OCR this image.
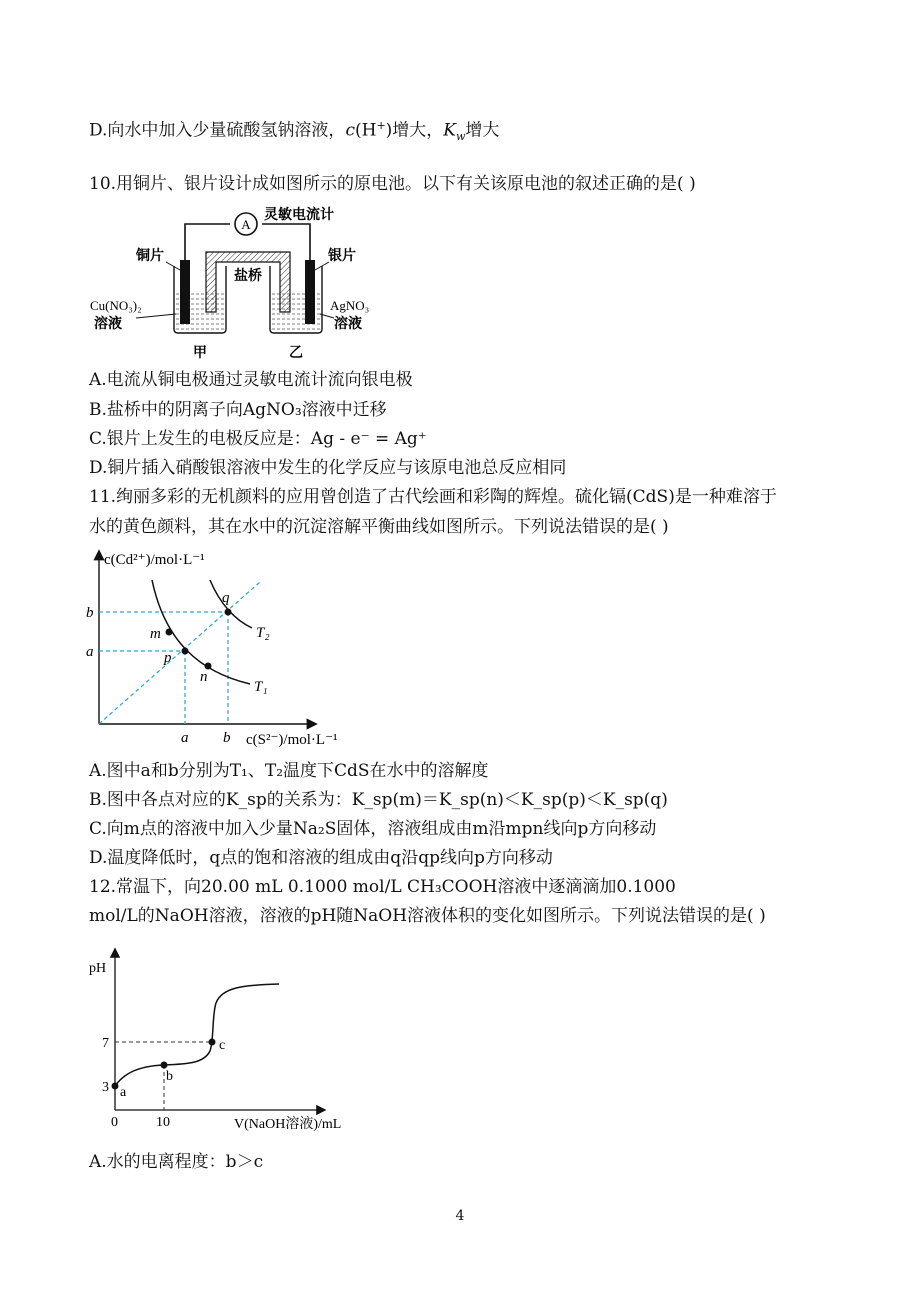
D.向水中加入少量硫酸氢钠溶液，c(H+)增大，$K_w$增大
10.用铜片、银片设计成如图所示的原电池。以下有关该原电池的叙述正确的是( )
A
灵敏电流计
盐桥
铜片	银片
Cu(NO₃)₂
溶液
AgNO₃
溶液
甲	乙
A.电流从铜电极通过灵敏电流计流向银电极
B.盐桥中的阴离子向AgNO₃溶液中迁移
C.银片上发生的电极反应是：Ag - e⁻ = Ag⁺
D.铜片插入硝酸银溶液中发生的化学反应与该原电池总反应相同
11.绚丽多彩的无机颜料的应用曾创造了古代绘画和彩陶的辉煌。硫化镉(CdS)是一种难溶于
水的黄色颜料，其在水中的沉淀溶解平衡曲线如图所示。下列说法错误的是( )
c(Cd²⁺)/mol·L⁻¹
c(S²⁻)/mol·L⁻¹
m
p
n
q
T₂
T₁
b
a
a b
A.图中a和b分别为T₁、T₂温度下CdS在水中的溶解度
B.图中各点对应的K_sp的关系为：K_sp(m)＝K_sp(n)＜K_sp(p)＜K_sp(q)
C.向m点的溶液中加入少量Na₂S固体，溶液组成由m沿mpn线向p方向移动
D.温度降低时，q点的饱和溶液的组成由q沿qp线向p方向移动
12.常温下，向20.00 mL 0.1000 mol/L CH₃COOH溶液中逐滴滴加0.1000
mol/L的NaOH溶液，溶液的pH随NaOH溶液体积的变化如图所示。下列说法错误的是( )
pH
V(NaOH溶液)/mL
a
b
c
7
3
0	10
A.水的电离程度：b＞c
4
